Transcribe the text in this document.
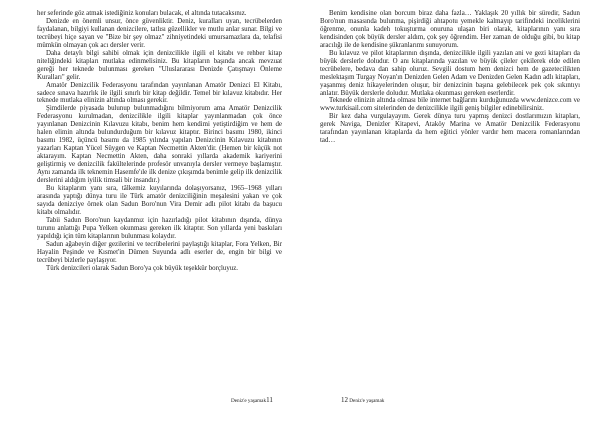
her seferinde göz atmak istediğiniz konuları bulacak, el altında tutacaksınız.

Denizde en önemli unsur, önce güvenliktir. Deniz, kuralları uyan, tecrübelerden faydalanan, bilgiyi kullanan denizcilere, tatlısı güzellikler ve mutlu anlar sunar. Bilgi ve tecrübeyi hiçe sayan ve "Bize bir şey olmaz" zihniyetindeki umursamazlara da, telafisi mümkün olmayan çok acı dersler verir.

Daha detaylı bilgi sahibi olmak için denizcilikle ilgili el kitabı ve rehber kitap niteliğindeki kitapları mutlaka edinmelisiniz. Bu kitapların başında ancak mevzuat gereği her teknede bulunması gereken "Uluslararası Denizde Çatışmayı Önleme Kuralları" gelir.

Amatör Denizcilik Federasyonu tarafından yayınlanan Amatör Denizci El Kitabı, sadece sınava hazırlık ile ilgili sınırlı bir kitap değildir. Temel bir kılavuz kitabıdır. Her teknede mutlaka elinizin altında olması gerekir.

Şimdilerde piyasada bulunup bulunmadığını bilmiyorum ama Amatör Denizcilik Federasyonu kurulmadan, denizcilikle ilgili kitaplar yayınlanmadan çok önce yayınlanan Denizcinin Kılavuzu kitabı, benim hem kendimi yetiştirdiğim ve hem de halen elimin altında bulundurduğum bir kılavuz kitaptır. Birinci basımı 1980, ikinci basımı 1982, üçüncü basımı da 1985 yılında yapılan Denizcinin Kılavuzu kitabının yazarları Kaptan Yücel Süygen ve Kaptan Necmettin Akten'dir. (Hemen bir küçük not aktarayım. Kaptan Necmettin Akten, daha sonraki yıllarda akademik kariyerini geliştirmiş ve denizcilik fakültelerinde profesör unvanıyla dersler vermeye başlamıştır. Aynı zamanda ilk teknemin Hasemfe'ıle ilk denize çıkışımda benimle gelip ilk denizcilik derslerini aldığım iyilik timsali bir insandır.)

Bu kitaplarım yanı sıra, tâlkemiz kuyılarında dolaşıyorsanız, 1965–1968 yılları arasında yaptığı dünya turu ile Türk amatör denizciliğinin meşalesini yakan ve çok sayıda denizciye örnek olan Sadun Boro'nun Vira Demir adlı pilot kitabı da başucu kitabı olmalıdır.

Tabii Sadun Boro'nun kaydanmız için hazırladığı pilot kitabının dışında, dünya turunu anlattığı Pupa Yelken okunması gereken ilk kitaptır. Son yıllarda yeni baskıları yapıldığı için tüm kitaplarının bulunması kolaydır.

Sadun ağabeyin diğer gezilerini ve tecrübelerini paylaştığı kitaplar, Fora Yelken, Bir Hayalin Peşinde ve Kısmet'in Dümen Suyunda adlı eserler de, engin bir bilgi ve tecrübeyi bizlerle paylaşıyor.

Türk denizcileri olarak Sadun Boro'ya çok büyük teşekkür borçluyuz.

Deniz'e yaşamak11

Benim kendisine olan borcum biraz daha fazla… Yaklaşık 20 yıllık bir süredir, Sadun Boro'nun masasında bulunma, pişirdiği ahtapotu yemekle kalmayıp tarifindeki inceliklerini öğrenme, onunla kadeh tokuşturma onuruna ulaşan biri olarak, kitaplarının yanı sıra kendisinden çok büyük dersler aldım, çok şey öğrendim. Her zaman de olduğu gibi, bu kitap aracılığı ile de kendisine şükranlarımı sunuyorum.

Bu kılavuz ve pilot kitaplarının dışında, denizcilikle ilgili yazılan ani ve gezi kitapları da büyük derslerle doludur. O anı kitaplarında yazılan ve büyük çileler çekilerek elde edilen tecrübelere, bedava dan sahip oluruz. Sevgili dostum hem denizci hem de gazetecilikten meslektaşım Turgay Noyan'ın Denizden Gelen Adam ve Denizden Gelen Kadın adlı kitapları, yaşanmış deniz hikayelerinden oluşur, bir denizcinin başına gelebilecek pek çok sıkıntıyı anlatır. Büyük derslerle doludur. Mutlaka okunması gereken eserlerdir.

Teknede elinizin altında olması bile internet bağlarını kurduğunuzda www.denizce.com ve www.turkisail.com sitelerinden de denizcilikle ilgili geniş bilgiler edinebilirsiniz.

Bir kez daha vurgulayayım. Gerek dünya turu yapmış denizci dostlarımızın kitapları, gerek Naviga, Denizler Kitapevi, Ataköy Marina ve Amatör Denizcilik Federasyonu tarafından yayınlanan kitaplarda da hem eğitici yönler vardır hem macera romanlarından tad…

12 Deniz'e yaşamak
